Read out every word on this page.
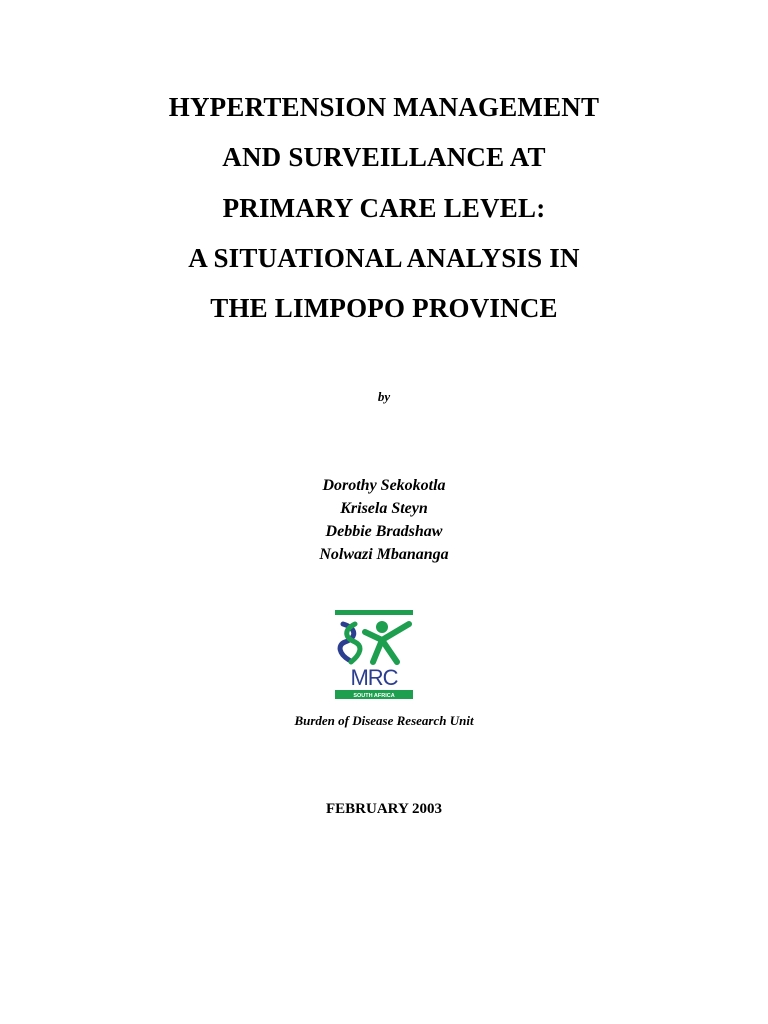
HYPERTENSION MANAGEMENT
AND SURVEILLANCE AT
PRIMARY CARE LEVEL:
A SITUATIONAL ANALYSIS IN
THE LIMPOPO PROVINCE
by
Dorothy Sekokotla
Krisela Steyn
Debbie Bradshaw
Nolwazi Mbananga
MRC
SOUTH AFRICA
Burden of Disease Research Unit
FEBRUARY 2003
